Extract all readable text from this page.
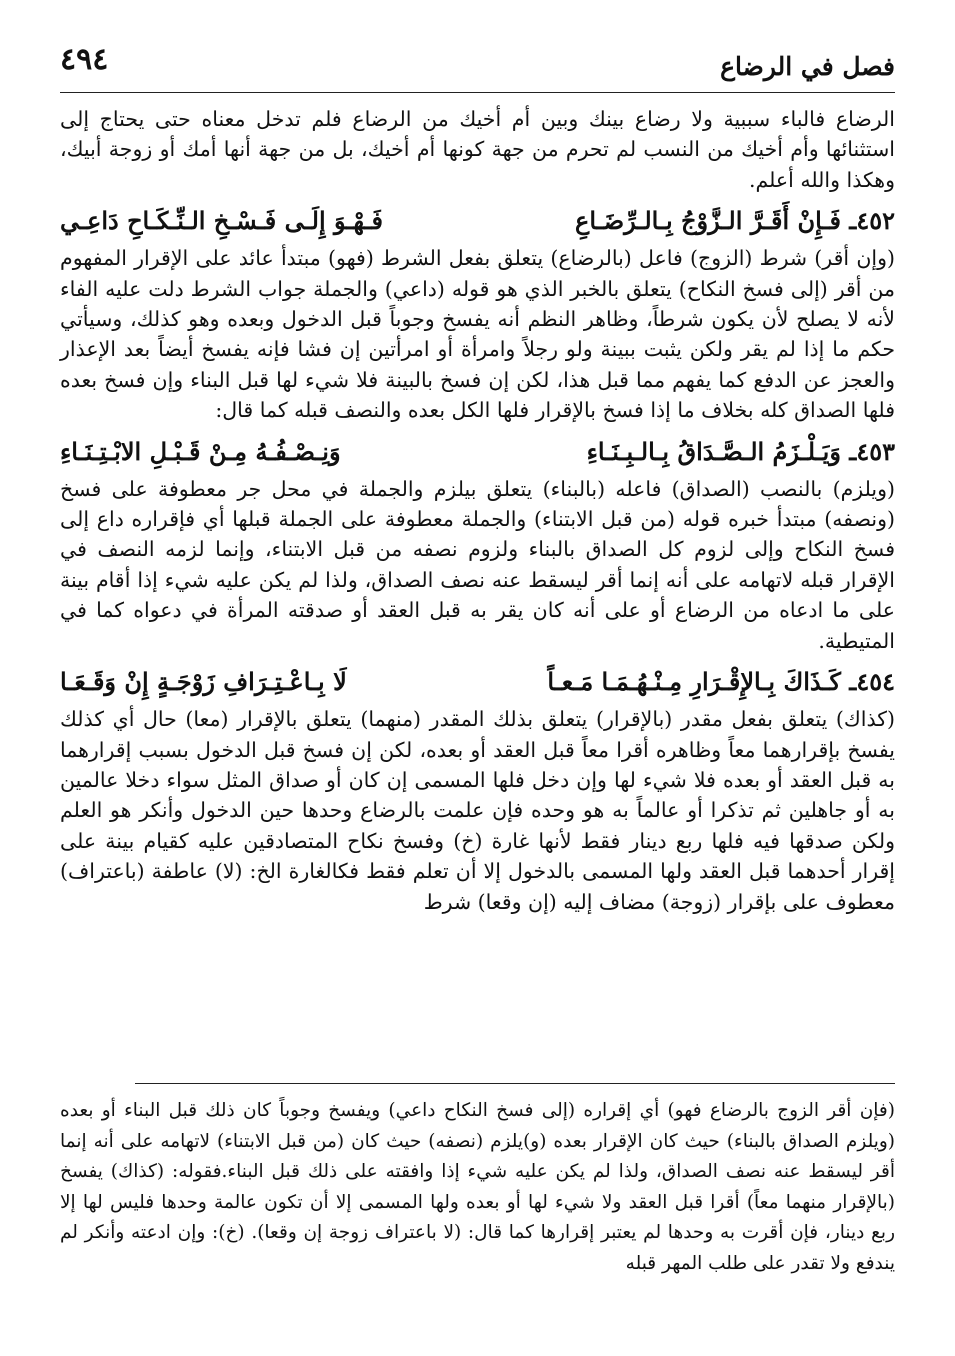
٤٩٤	فصل في الرضاع

الرضاع فالباء سببية ولا رضاع بينك وبين أم أخيك من الرضاع فلم تدخل معناه حتى يحتاج إلى استثنائها وأم أخيك من النسب لم تحرم من جهة كونها أم أخيك، بل من جهة أنها أمك أو زوجة أبيك، وهكذا والله أعلم.

٤٥٢ـ فَـإِنْ أَقَـرَّ الـزَّوْجُ بِـالـرِّضَـاعِ
فَـهْـوَ إِلَـى فَـسْـخِ الـنِّـكَـاحِ دَاعِـي

(وإن أقر) شرط (الزوج) فاعل (بالرضاع) يتعلق بفعل الشرط (فهو) مبتدأ عائد على الإقرار المفهوم من أقر (إلى فسخ النكاح) يتعلق بالخبر الذي هو قوله (داعي) والجملة جواب الشرط دلت عليه الفاء لأنه لا يصلح لأن يكون شرطاً، وظاهر النظم أنه يفسخ وجوباً قبل الدخول وبعده وهو كذلك، وسيأتي حكم ما إذا لم يقر ولكن يثبت ببينة ولو رجلاً وامرأة أو امرأتين إن فشا فإنه يفسخ أيضاً بعد الإعذار والعجز عن الدفع كما يفهم مما قبل هذا، لكن إن فسخ بالبينة فلا شيء لها قبل البناء وإن فسخ بعده فلها الصداق كله بخلاف ما إذا فسخ بالإقرار فلها الكل بعده والنصف قبله كما قال:

٤٥٣ـ وَيَـلْـزَمُ الـصَّـدَاقُ بِـالـبِـنَـاءِ
وَنِـصْـفُـهُ مِـنْ قَـبْـلِ الابْـتِـنَـاءِ

(ويلزم) بالنصب (الصداق) فاعله (بالبناء) يتعلق بيلزم والجملة في محل جر معطوفة على فسخ (ونصفه) مبتدأ خبره قوله (من قبل الابتناء) والجملة معطوفة على الجملة قبلها أي فإقراره داع إلى فسخ النكاح وإلى لزوم كل الصداق بالبناء ولزوم نصفه من قبل الابتناء، وإنما لزمه النصف في الإقرار قبله لاتهامه على أنه إنما أقر ليسقط عنه نصف الصداق، ولذا لم يكن عليه شيء إذا أقام بينة على ما ادعاه من الرضاع أو على أنه كان يقر به قبل العقد أو صدقته المرأة في دعواه كما في المتيطية.

٤٥٤ـ كَـذَاكَ بِـالإِقْـرَارِ مِـنْـهُـمَـا مَـعـاً
لَا بِـاعْـتِـرَافِ زَوْجَـةٍ إِنْ وَقَـعَـا

(كذاك) يتعلق بفعل مقدر (بالإقرار) يتعلق بذلك المقدر (منهما) يتعلق بالإقرار (معا) حال أي كذلك يفسخ بإقرارهما معاً وظاهره أقرا معاً قبل العقد أو بعده، لكن إن فسخ قبل الدخول بسبب إقرارهما به قبل العقد أو بعده فلا شيء لها وإن دخل فلها المسمى إن كان أو صداق المثل سواء دخلا عالمين به أو جاهلين ثم تذكرا أو عالماً به هو وحده فإن علمت بالرضاع وحدها حين الدخول وأنكر هو العلم ولكن صدقها فيه فلها ربع دينار فقط لأنها غارة (خ) وفسخ نكاح المتصادقين عليه كقيام بينة على إقرار أحدهما قبل العقد ولها المسمى بالدخول إلا أن تعلم فقط فكالغارة الخ: (لا) عاطفة (باعتراف) معطوف على بإقرار (زوجة) مضاف إليه (إن وقعا) شرط

(فإن أقر الزوج بالرضاع فهو) أي إقراره (إلى فسخ النكاح داعي) ويفسخ وجوباً كان ذلك قبل البناء أو بعده (ويلزم الصداق بالبناء) حيث كان الإقرار بعده (و)يلزم (نصفه) حيث كان (من قبل الابتناء) لاتهامه على أنه إنما أقر ليسقط عنه نصف الصداق، ولذا لم يكن عليه شيء إذا وافقته على ذلك قبل البناء.فقوله: (كذاك) يفسخ (بالإقرار منهما معاً) أقرا قبل العقد ولا شيء لها أو بعده ولها المسمى إلا أن تكون عالمة وحدها فليس لها إلا ربع دينار، فإن أقرت به وحدها لم يعتبر إقرارها كما قال: (لا باعتراف زوجة إن وقعا). (خ): وإن ادعته وأنكر لم يندفع ولا تقدر على طلب المهر قبله
